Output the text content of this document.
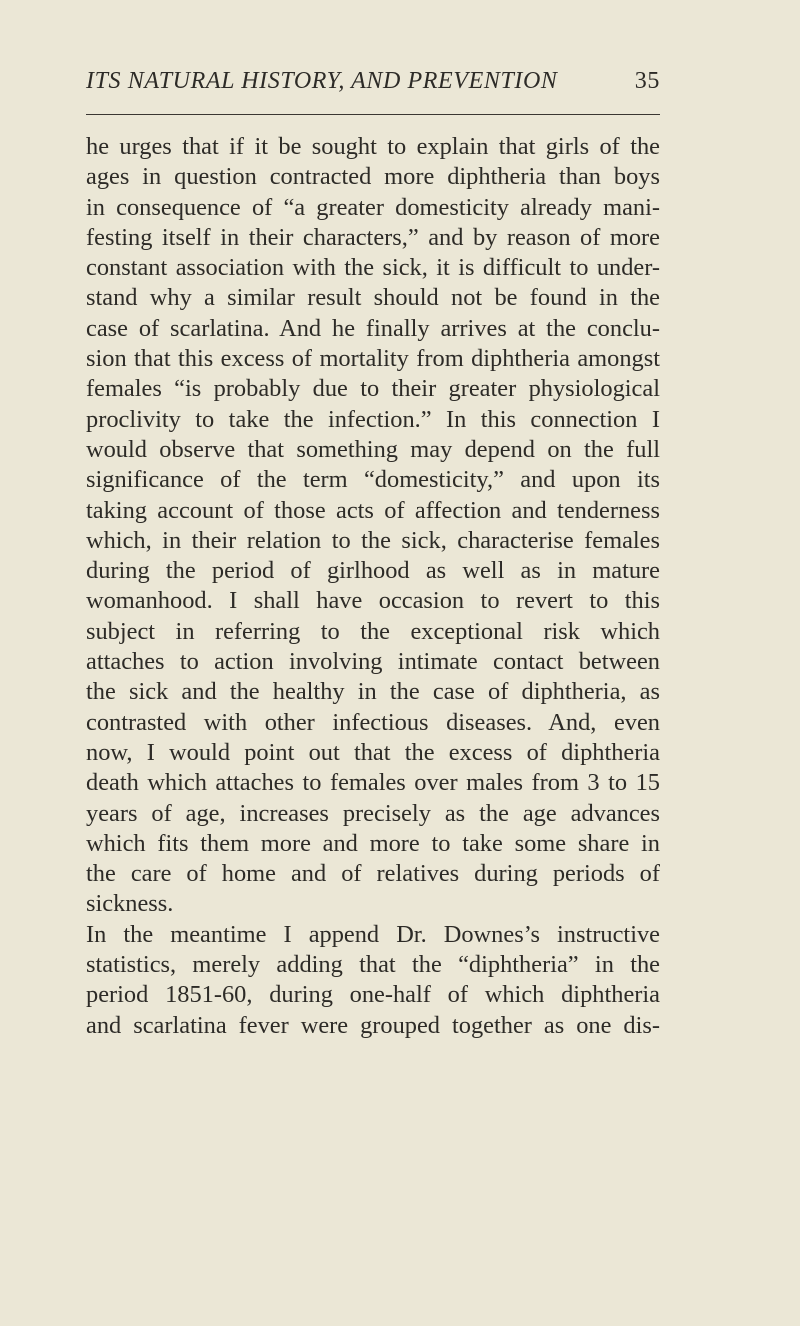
ITS NATURAL HISTORY, AND PREVENTION	35
he urges that if it be sought to explain that girls of the
ages in question contracted more diphtheria than boys
in consequence of “a greater domesticity already mani-
festing itself in their characters,” and by reason of more
constant association with the sick, it is difficult to under-
stand why a similar result should not be found in the
case of scarlatina. And he finally arrives at the conclu-
sion that this excess of mortality from diphtheria amongst
females “is probably due to their greater physiological
proclivity to take the infection.” In this connection I
would observe that something may depend on the full
significance of the term “domesticity,” and upon its
taking account of those acts of affection and tenderness
which, in their relation to the sick, characterise females
during the period of girlhood as well as in mature
womanhood. I shall have occasion to revert to this
subject in referring to the exceptional risk which
attaches to action involving intimate contact between
the sick and the healthy in the case of diphtheria, as
contrasted with other infectious diseases. And, even
now, I would point out that the excess of diphtheria
death which attaches to females over males from 3 to 15
years of age, increases precisely as the age advances
which fits them more and more to take some share in
the care of home and of relatives during periods of
sickness.
In the meantime I append Dr. Downes’s instructive
statistics, merely adding that the “diphtheria” in the
period 1851-60, during one-half of which diphtheria
and scarlatina fever were grouped together as one dis-
